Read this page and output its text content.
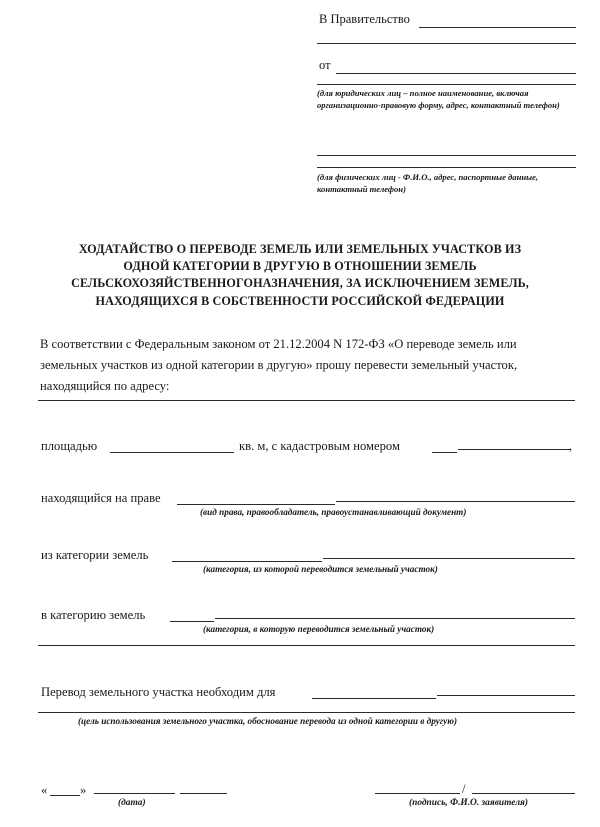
В Правительство
от
(для юридических лиц – полное наименование, включая организационно-правовую форму, адрес, контактный телефон)
(для физических лиц - Ф.И.О., адрес, паспортные данные, контактный телефон)
ХОДАТАЙСТВО О ПЕРЕВОДЕ ЗЕМЕЛЬ ИЛИ ЗЕМЕЛЬНЫХ УЧАСТКОВ ИЗ
ОДНОЙ КАТЕГОРИИ В ДРУГУЮ В ОТНОШЕНИИ ЗЕМЕЛЬ
СЕЛЬСКОХОЗЯЙСТВЕННОГОНАЗНАЧЕНИЯ, ЗА ИСКЛЮЧЕНИЕМ ЗЕМЕЛЬ,
НАХОДЯЩИХСЯ В СОБСТВЕННОСТИ РОССИЙСКОЙ ФЕДЕРАЦИИ
В соответствии с Федеральным законом от 21.12.2004 N 172-ФЗ «О переводе земель или
земельных участков из одной категории в другую» прошу перевести земельный участок,
находящийся по адресу:
площадью	кв. м, с кадастровым номером	,
находящийся на праве
(вид права, правообладатель, правоустанавливающий документ)
из категории земель
(категория, из которой переводится земельный участок)
в категорию земель
(категория, в которую переводится земельный участок)
Перевод земельного участка необходим для
(цель использования земельного участка, обоснование перевода из одной категории в другую)
«	»
(дата)
/
(подпись, Ф.И.О. заявителя)
